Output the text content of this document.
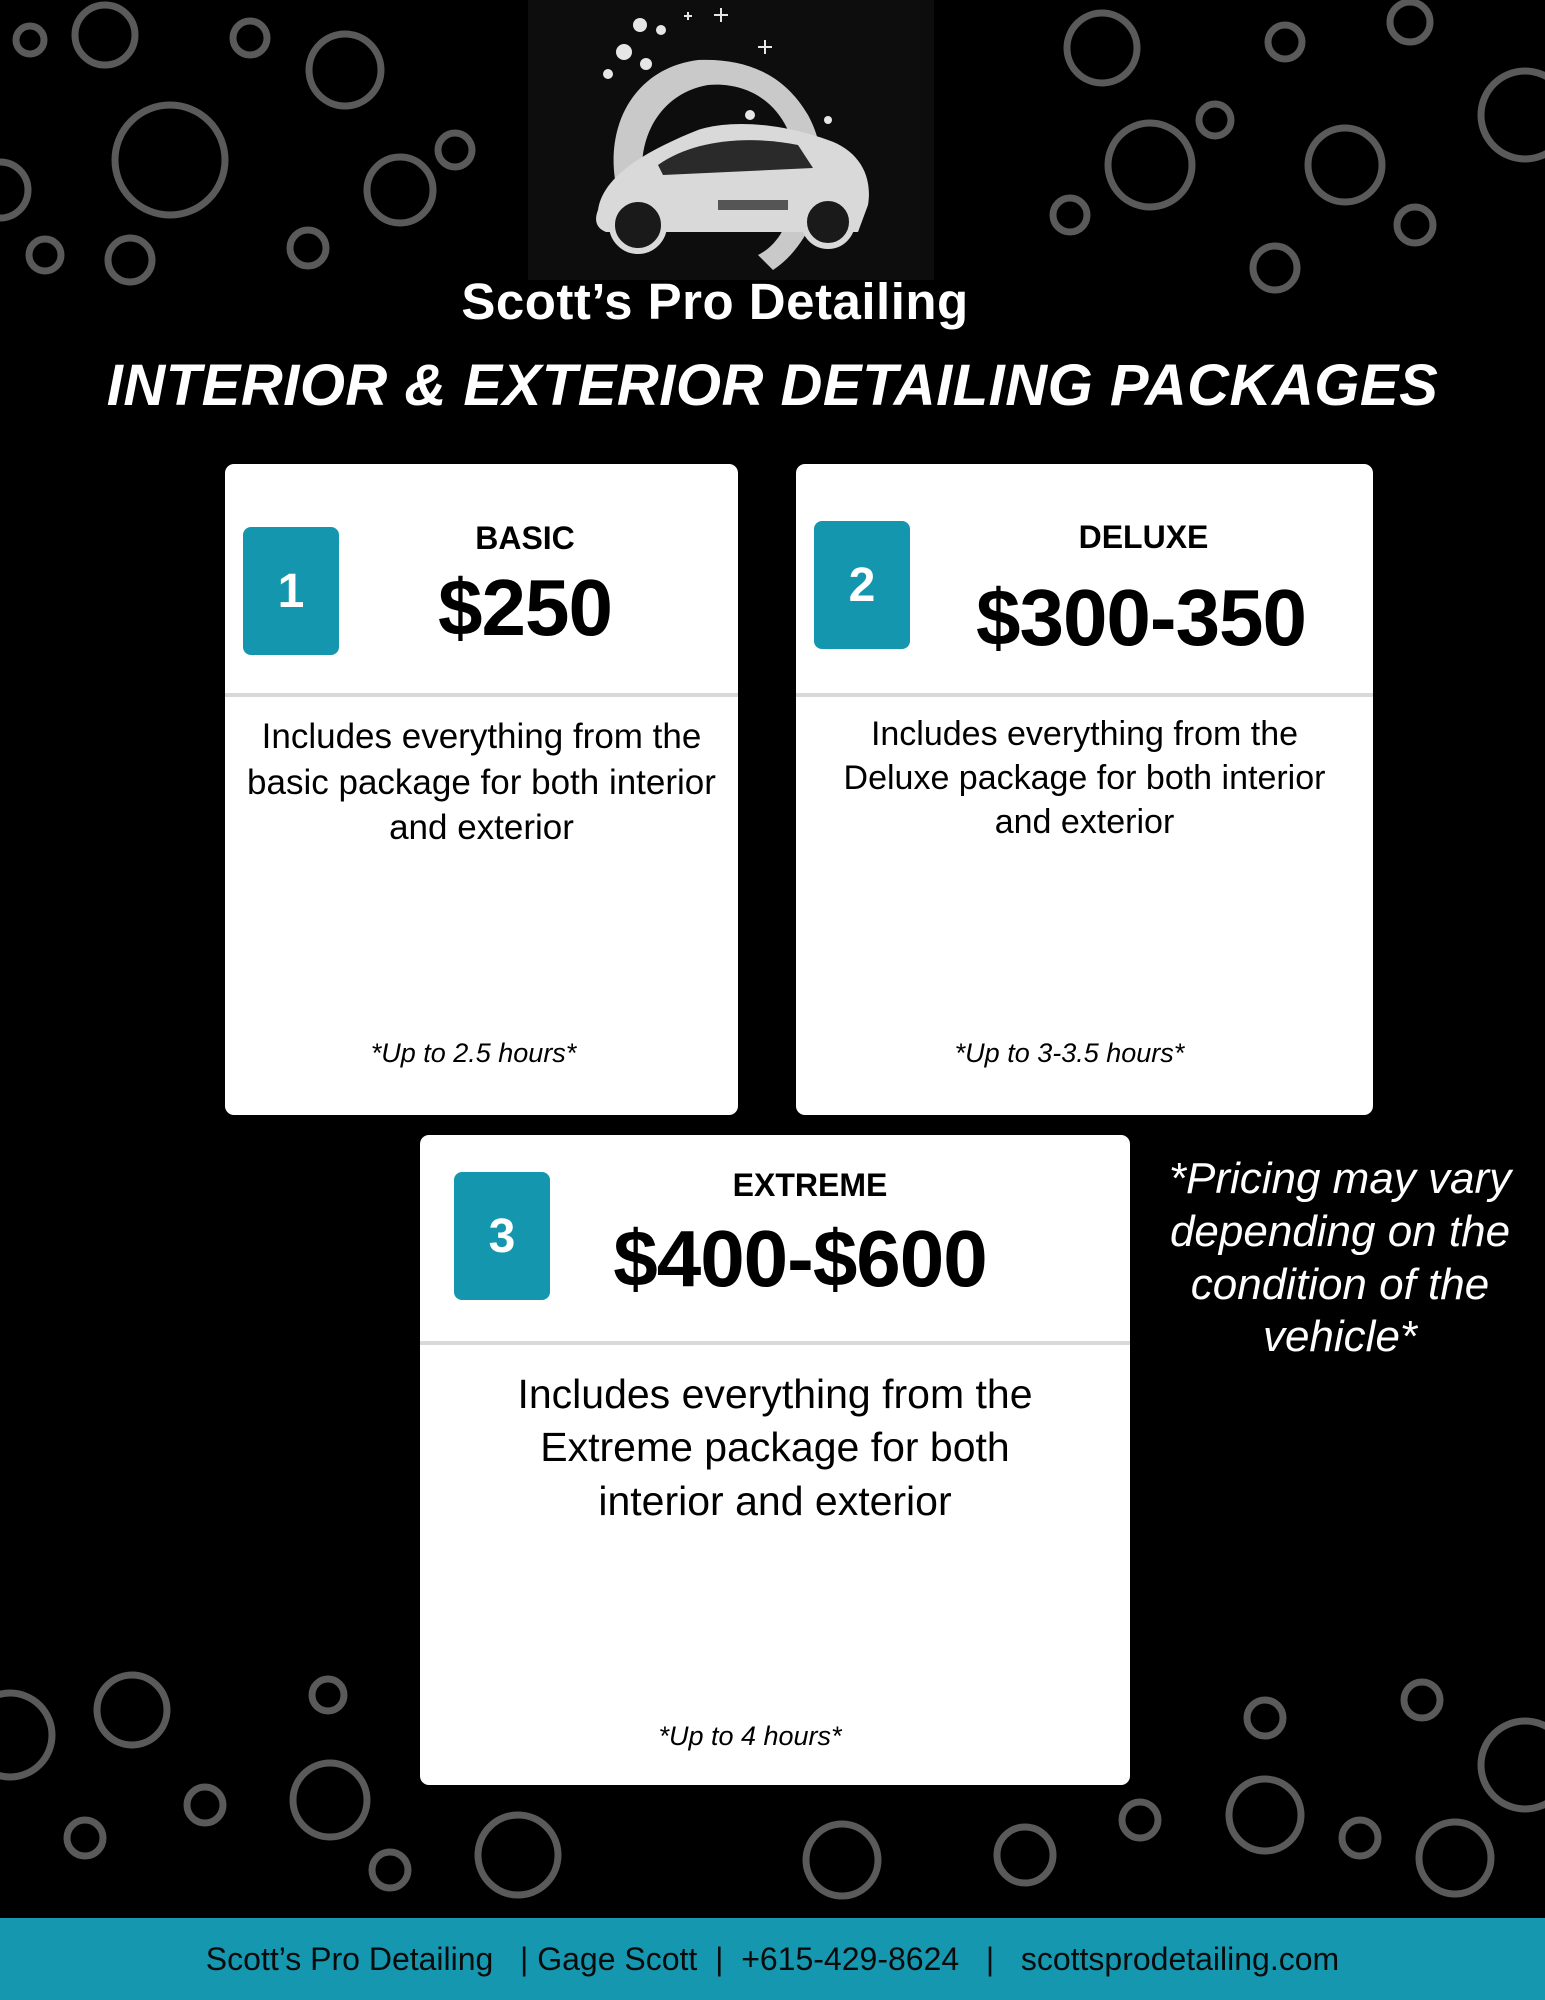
Scott’s Pro Detailing
INTERIOR & EXTERIOR DETAILING PACKAGES
1
BASIC
$250
Includes everything from the basic package for both interior and exterior
*Up to 2.5 hours*
2
DELUXE
$300-350
Includes everything from the Deluxe package for both interior and exterior
*Up to 3-3.5 hours*
3
EXTREME
$400-$600
Includes everything from the Extreme package for both interior and exterior
*Up to 4 hours*
*Pricing may vary depending on the condition of the vehicle*
Scott’s Pro Detailing
|
Gage Scott
|
+615-429-8624
|
scottsprodetailing.com
